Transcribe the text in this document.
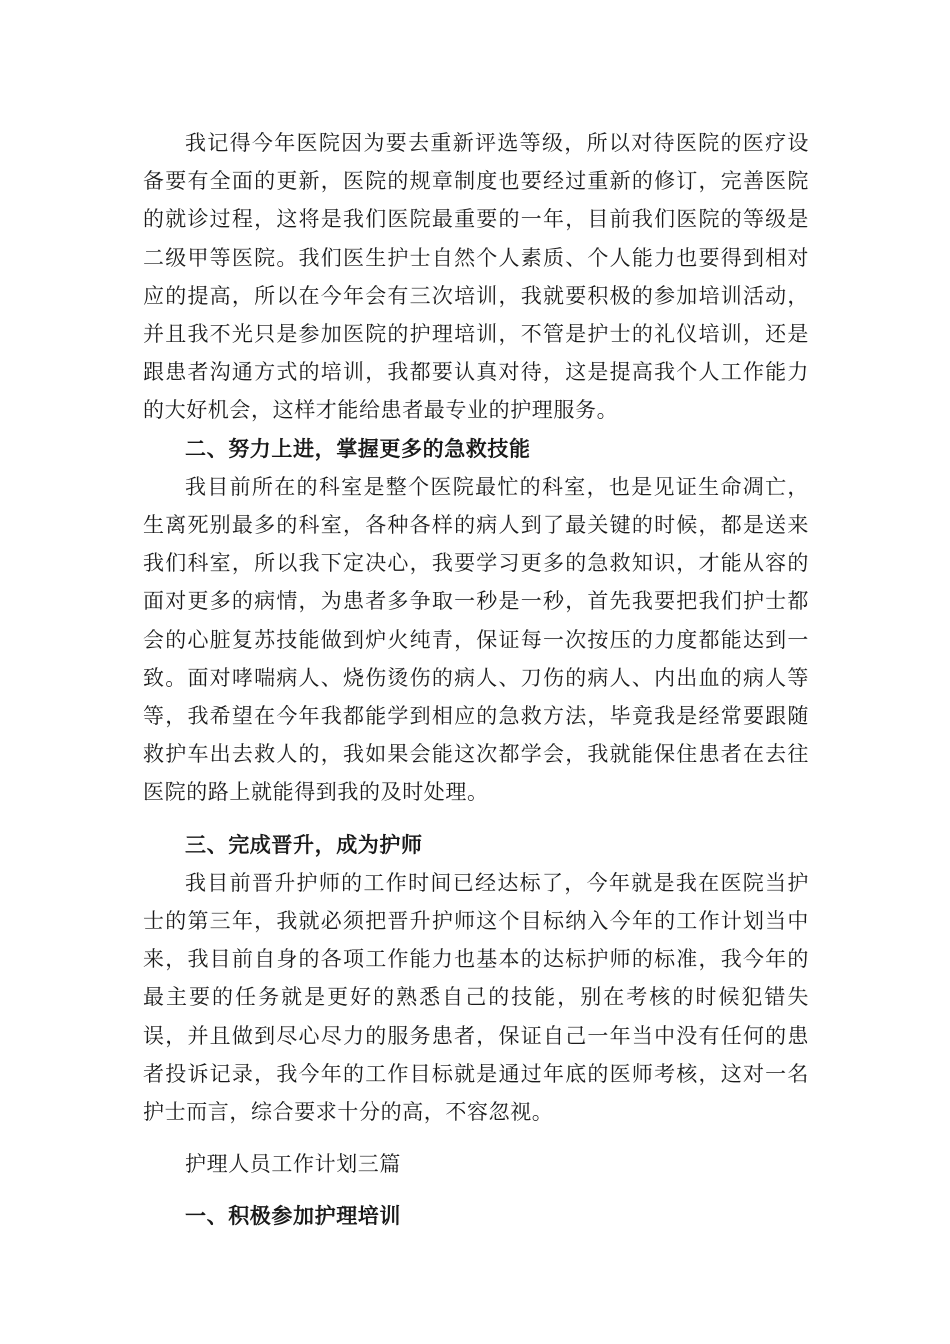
我记得今年医院因为要去重新评选等级，所以对待医院的医疗设备要有全面的更新，医院的规章制度也要经过重新的修订，完善医院的就诊过程，这将是我们医院最重要的一年，目前我们医院的等级是二级甲等医院。我们医生护士自然个人素质、个人能力也要得到相对应的提高，所以在今年会有三次培训，我就要积极的参加培训活动，并且我不光只是参加医院的护理培训，不管是护士的礼仪培训，还是跟患者沟通方式的培训，我都要认真对待，这是提高我个人工作能力的大好机会，这样才能给患者最专业的护理服务。

二、努力上进，掌握更多的急救技能

我目前所在的科室是整个医院最忙的科室，也是见证生命凋亡，生离死别最多的科室，各种各样的病人到了最关键的时候，都是送来我们科室，所以我下定决心，我要学习更多的急救知识，才能从容的面对更多的病情，为患者多争取一秒是一秒，首先我要把我们护士都会的心脏复苏技能做到炉火纯青，保证每一次按压的力度都能达到一致。面对哮喘病人、烧伤烫伤的病人、刀伤的病人、内出血的病人等等，我希望在今年我都能学到相应的急救方法，毕竟我是经常要跟随救护车出去救人的，我如果会能这次都学会，我就能保住患者在去往医院的路上就能得到我的及时处理。

三、完成晋升，成为护师

我目前晋升护师的工作时间已经达标了，今年就是我在医院当护士的第三年，我就必须把晋升护师这个目标纳入今年的工作计划当中来，我目前自身的各项工作能力也基本的达标护师的标准，我今年的最主要的任务就是更好的熟悉自己的技能，别在考核的时候犯错失误，并且做到尽心尽力的服务患者，保证自己一年当中没有任何的患者投诉记录，我今年的工作目标就是通过年底的医师考核，这对一名护士而言，综合要求十分的高，不容忽视。

护理人员工作计划三篇

一、积极参加护理培训
